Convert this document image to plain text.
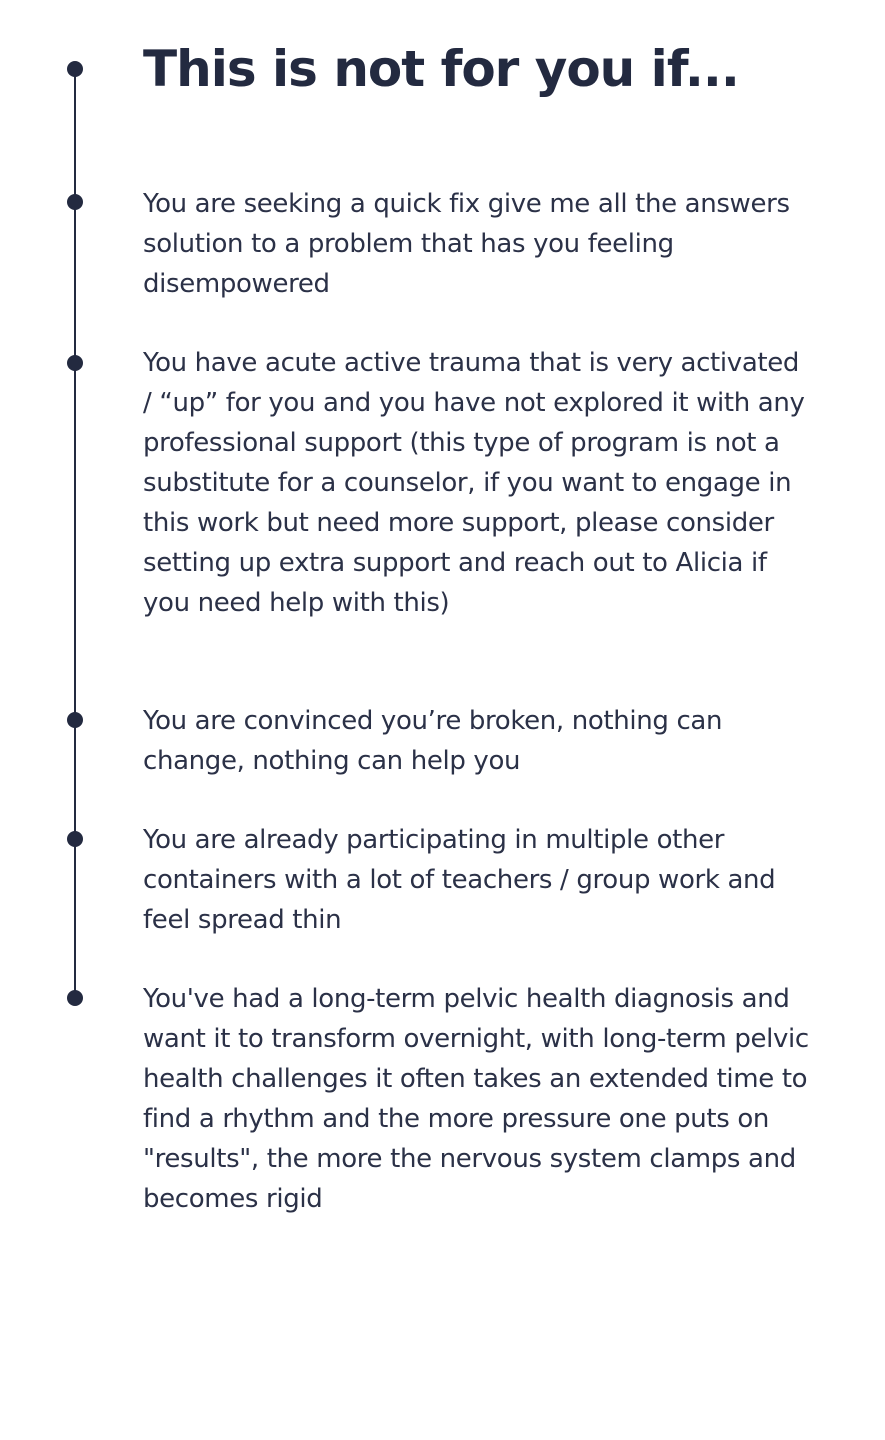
This is not for you if...

You are seeking a quick fix give me all the answers solution to a problem that has you feeling disempowered

You have acute active trauma that is very activated / “up” for you and you have not explored it with any professional support (this type of program is not a substitute for a counselor, if you want to engage in this work but need more support, please consider setting up extra support and reach out to Alicia if you need help with this)

You are convinced you’re broken, nothing can change, nothing can help you

You are already participating in multiple other containers with a lot of teachers / group work and feel spread thin

You've had a long-term pelvic health diagnosis and want it to transform overnight, with long-term pelvic health challenges it often takes an extended time to find a rhythm and the more pressure one puts on "results", the more the nervous system clamps and becomes rigid
